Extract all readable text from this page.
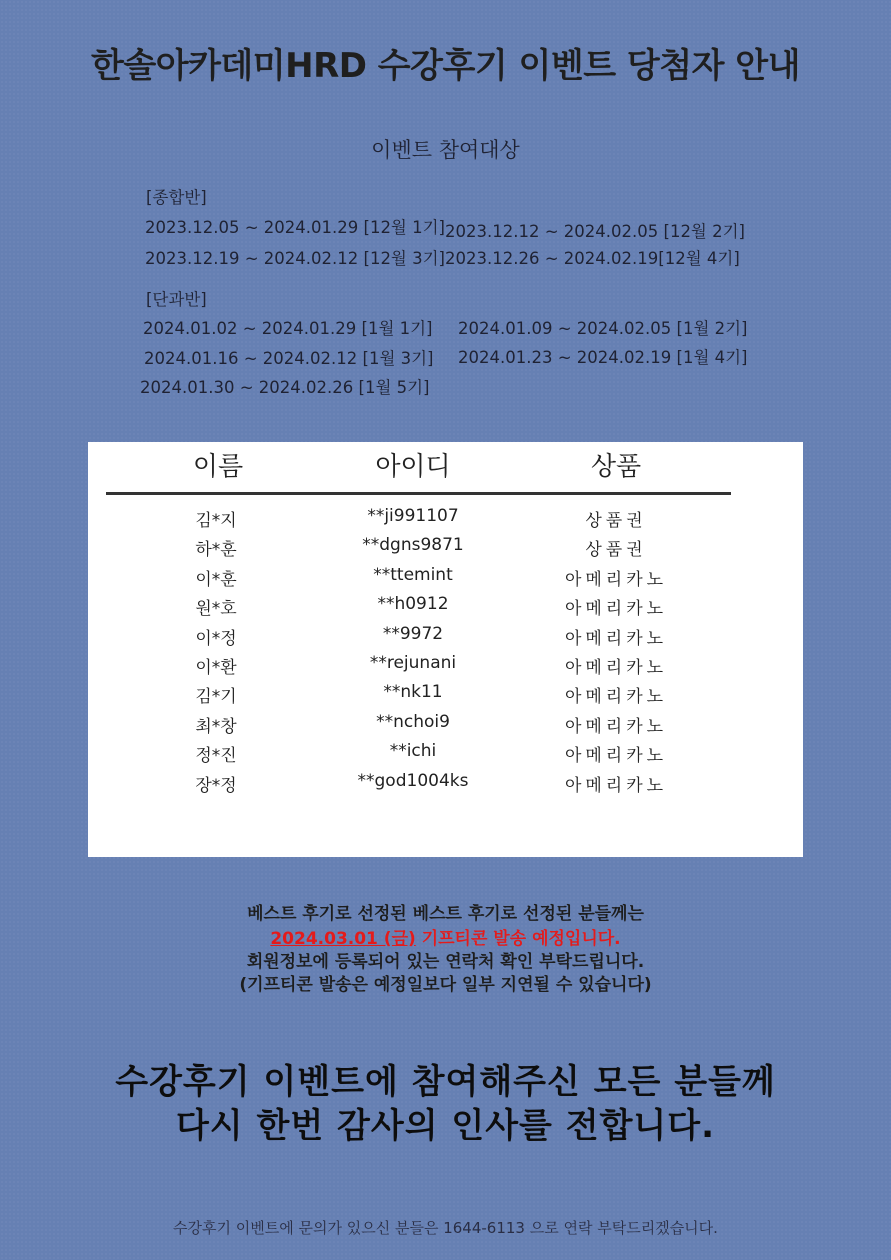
한솔아카데미HRD 수강후기 이벤트 당첨자 안내
이벤트 참여대상
[종합반]
2023.12.05 ~ 2024.01.29 [12월 1기] 2023.12.12 ~ 2024.02.05 [12월 2기]
2023.12.19 ~ 2024.02.12 [12월 3기] 2023.12.26 ~ 2024.02.19[12월 4기]
[단과반]
2024.01.02 ~ 2024.01.29 [1월 1기] 2024.01.09 ~ 2024.02.05 [1월 2기]
2024.01.16 ~ 2024.02.12 [1월 3기] 2024.01.23 ~ 2024.02.19 [1월 4기]
2024.01.30 ~ 2024.02.26 [1월 5기]
이름	아이디	상품
김*지	**ji991107	상품권
하*훈	**dgns9871	상품권
이*훈	**ttemint	아메리카노
원*호	**h0912	아메리카노
이*정	**9972	아메리카노
이*환	**rejunani	아메리카노
김*기	**nk11	아메리카노
최*창	**nchoi9	아메리카노
정*진	**ichi	아메리카노
장*정	**god1004ks	아메리카노
베스트 후기로 선정된 베스트 후기로 선정된 분들께는
2024.03.01 (금) 기프티콘 발송 예정입니다.
회원정보에 등록되어 있는 연락처 확인 부탁드립니다.
(기프티콘 발송은 예정일보다 일부 지연될 수 있습니다)
수강후기 이벤트에 참여해주신 모든 분들께
다시 한번 감사의 인사를 전합니다.
수강후기 이벤트에 문의가 있으신 분들은 1644-6113 으로 연락 부탁드리겠습니다.
